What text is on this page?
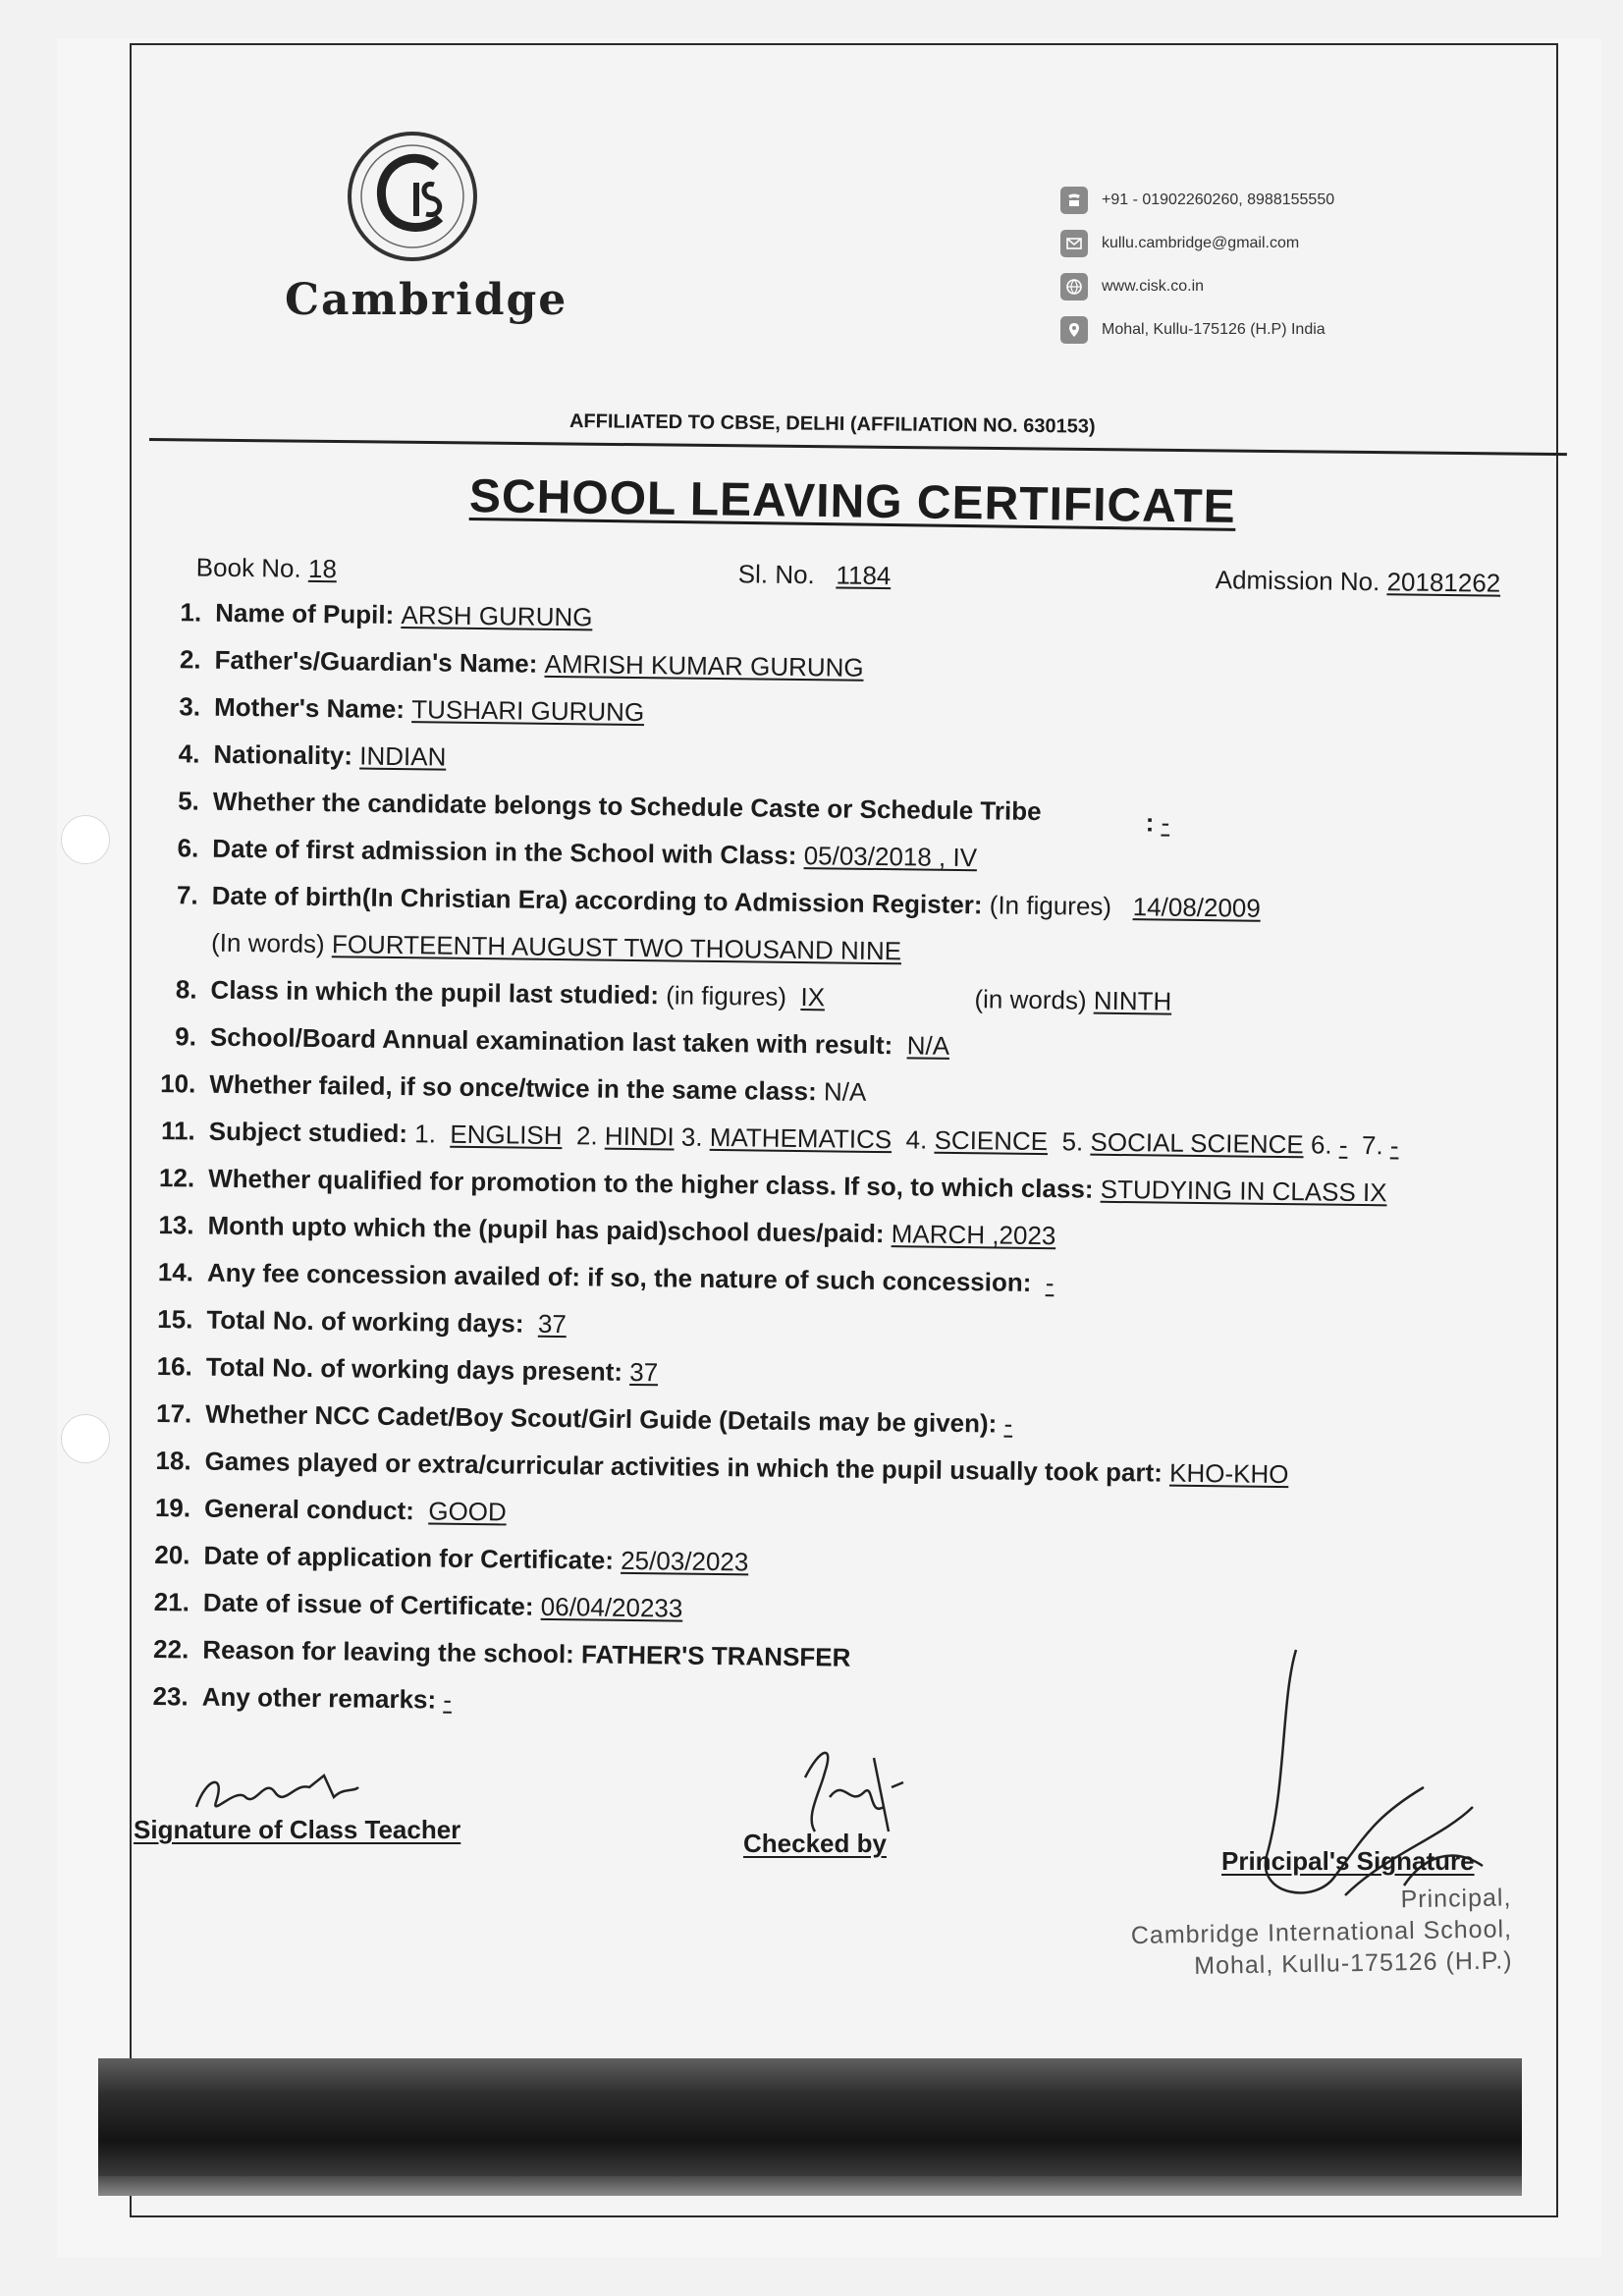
Cambridge
+91 - 01902260260, 8988155550
kullu.cambridge@gmail.com
www.cisk.co.in
Mohal, Kullu-175126 (H.P) India
AFFILIATED TO CBSE, DELHI (AFFILIATION NO. 630153)
SCHOOL LEAVING CERTIFICATE
Book No. 18	Sl. No. 1184	Admission No. 20181262
1. Name of Pupil: ARSH GURUNG
2. Father's/Guardian's Name: AMRISH KUMAR GURUNG
3. Mother's Name: TUSHARI GURUNG
4. Nationality: INDIAN
5. Whether the candidate belongs to Schedule Caste or Schedule Tribe	: -
6. Date of first admission in the School with Class: 05/03/2018 , IV
7. Date of birth(In Christian Era) according to Admission Register: (In figures) 14/08/2009
(In words) FOURTEENTH AUGUST TWO THOUSAND NINE
8. Class in which the pupil last studied: (in figures) IX	(in words) NINTH
9. School/Board Annual examination last taken with result: N/A
10. Whether failed, if so once/twice in the same class: N/A
11. Subject studied: 1. ENGLISH 2. HINDI 3. MATHEMATICS 4. SCIENCE 5. SOCIAL SCIENCE 6. - 7. -
12. Whether qualified for promotion to the higher class. If so, to which class: STUDYING IN CLASS IX
13. Month upto which the (pupil has paid)school dues/paid: MARCH ,2023
14. Any fee concession availed of: if so, the nature of such concession: -
15. Total No. of working days: 37
16. Total No. of working days present: 37
17. Whether NCC Cadet/Boy Scout/Girl Guide (Details may be given): -
18. Games played or extra/curricular activities in which the pupil usually took part: KHO-KHO
19. General conduct: GOOD
20. Date of application for Certificate: 25/03/2023
21. Date of issue of Certificate: 06/04/20233
22. Reason for leaving the school: FATHER'S TRANSFER
23. Any other remarks: -
Signature of Class Teacher	Checked by
Principal's Signature
Principal,
Cambridge International School,
Mohal, Kullu-175126 (H.P.)
